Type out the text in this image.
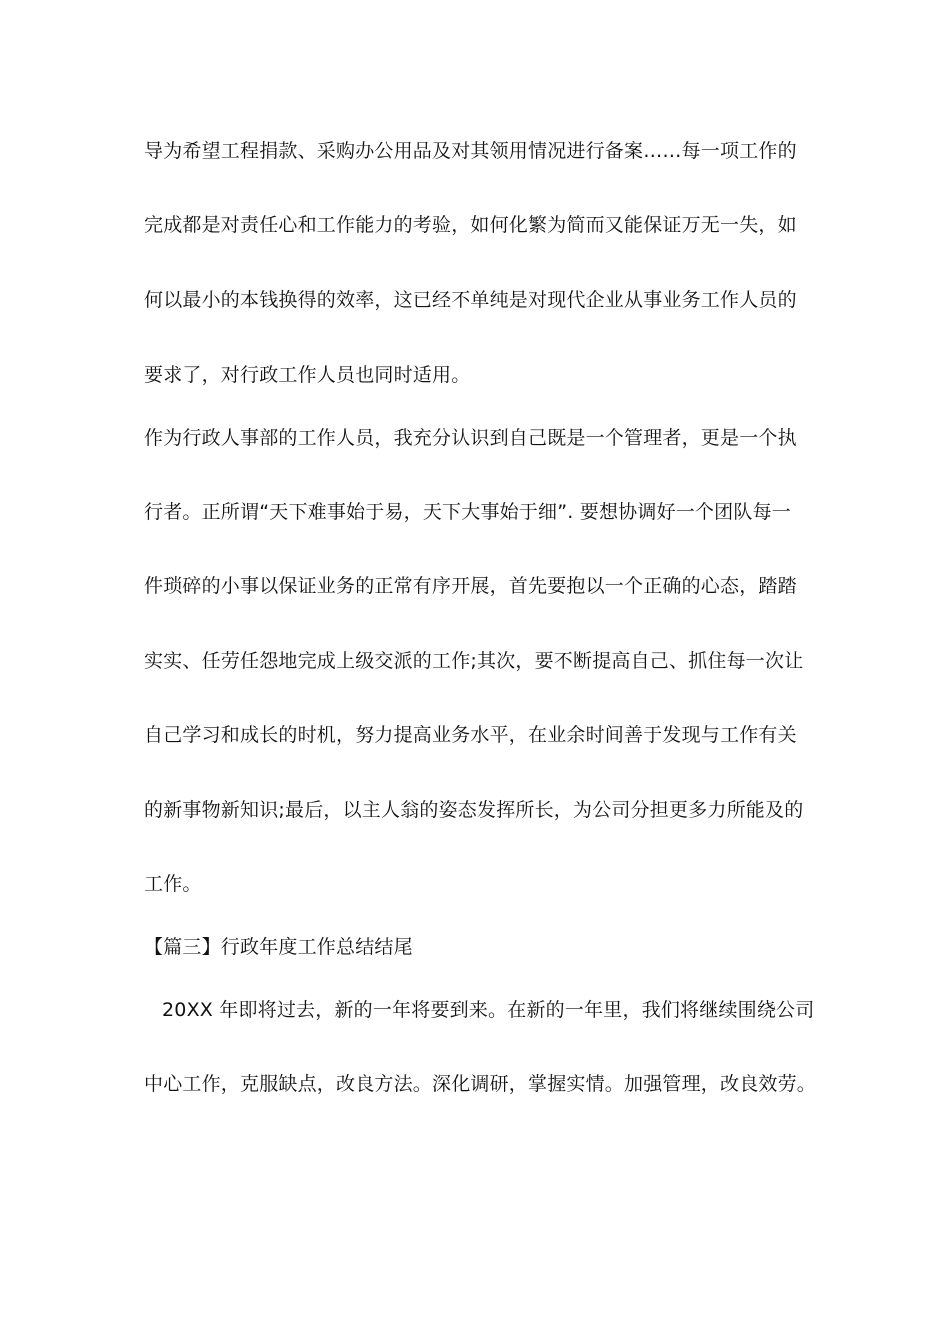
导为希望工程捐款、采购办公用品及对其领用情况进行备案……每一项工作的
完成都是对责任心和工作能力的考验，如何化繁为简而又能保证万无一失，如
何以最小的本钱换得的效率，这已经不单纯是对现代企业从事业务工作人员的
要求了，对行政工作人员也同时适用。
作为行政人事部的工作人员，我充分认识到自己既是一个管理者，更是一个执
行者。正所谓“天下难事始于易，天下大事始于细”. 要想协调好一个团队每一
件琐碎的小事以保证业务的正常有序开展，首先要抱以一个正确的心态，踏踏
实实、任劳任怨地完成上级交派的工作;其次，要不断提高自己、抓住每一次让
自己学习和成长的时机，努力提高业务水平，在业余时间善于发现与工作有关
的新事物新知识;最后，以主人翁的姿态发挥所长，为公司分担更多力所能及的
工作。
【篇三】行政年度工作总结结尾
20XX 年即将过去，新的一年将要到来。在新的一年里，我们将继续围绕公司
中心工作，克服缺点，改良方法。深化调研，掌握实情。加强管理，改良效劳。
